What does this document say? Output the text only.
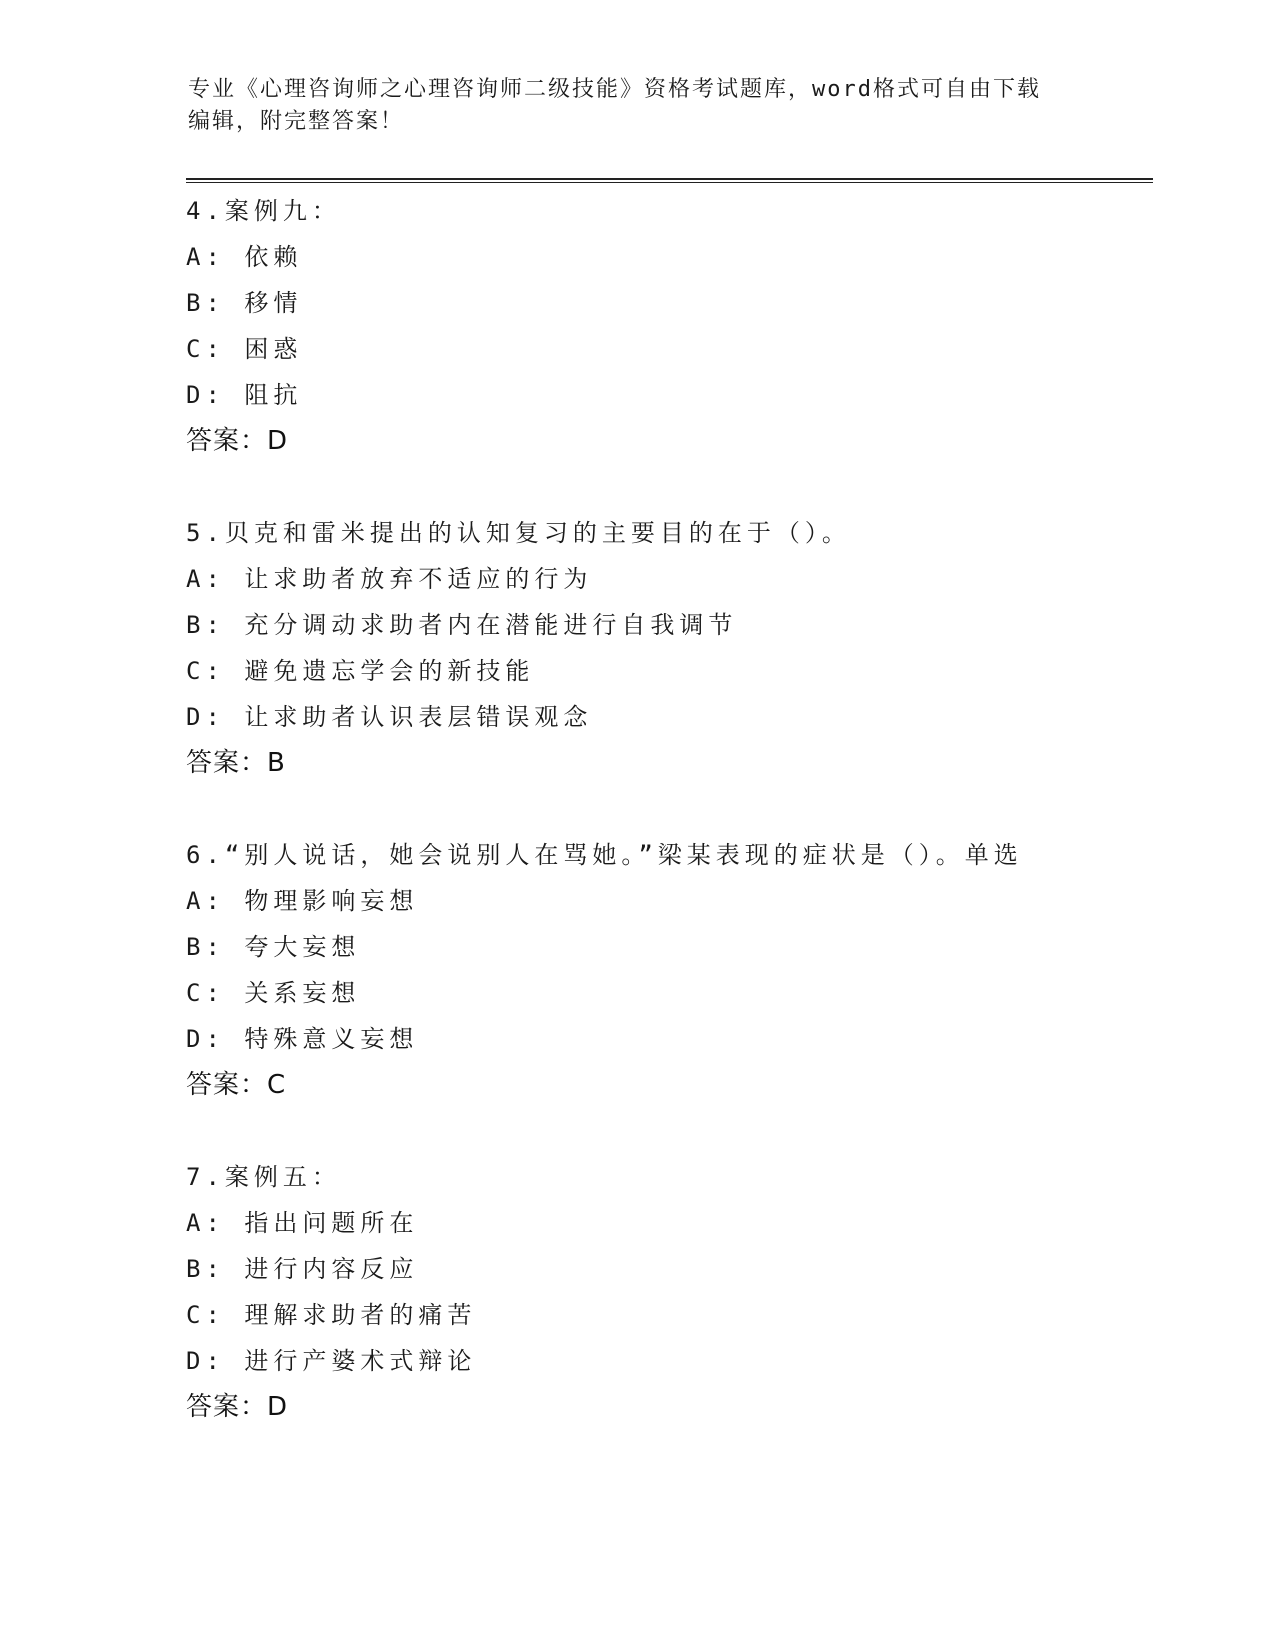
专业《心理咨询师之心理咨询师二级技能》资格考试题库，word格式可自由下载
编辑，附完整答案！
4.案例九：
A: 依赖
B: 移情
C: 困惑
D: 阻抗
答案：D
5.贝克和雷米提出的认知复习的主要目的在于（）。
A: 让求助者放弃不适应的行为
B: 充分调动求助者内在潜能进行自我调节
C: 避免遗忘学会的新技能
D: 让求助者认识表层错误观念
答案：B
6.“别人说话，她会说别人在骂她。”梁某表现的症状是（）。单选
A: 物理影响妄想
B: 夸大妄想
C: 关系妄想
D: 特殊意义妄想
答案：C
7.案例五：
A: 指出问题所在
B: 进行内容反应
C: 理解求助者的痛苦
D: 进行产婆术式辩论
答案：D
